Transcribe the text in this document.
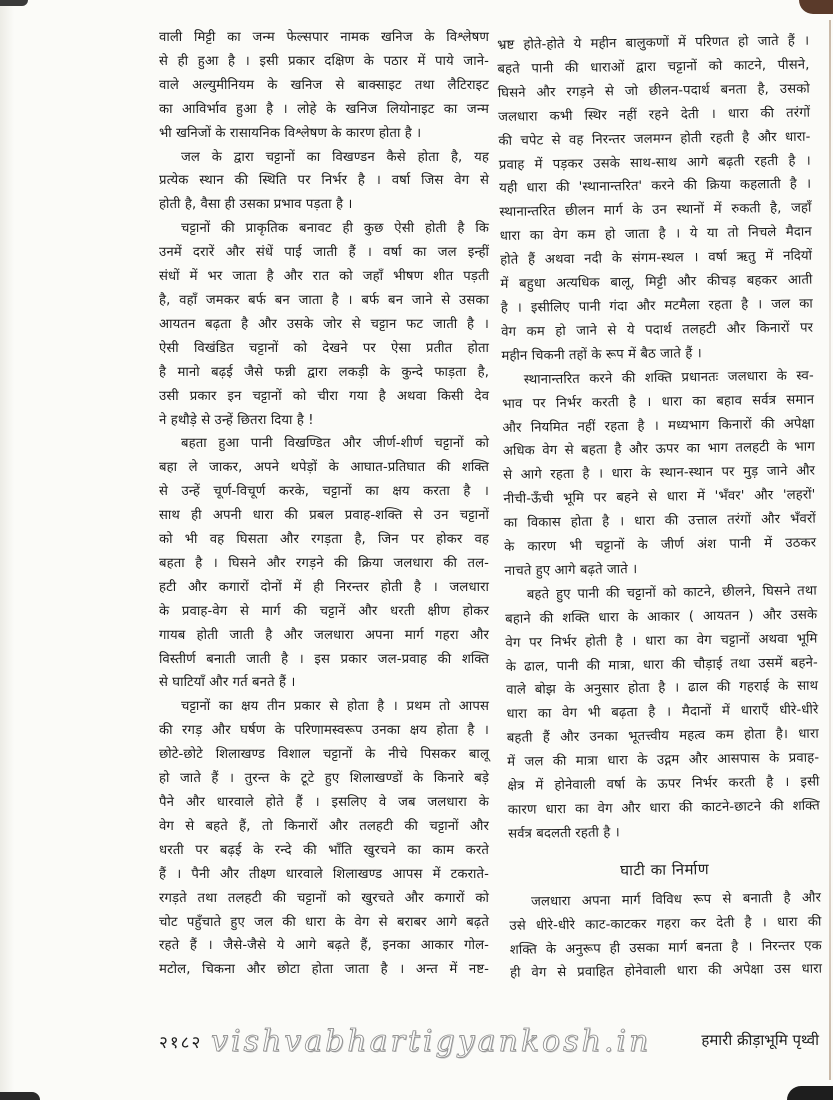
वाली मिट्टी का जन्म फेल्सपार नामक खनिज के विश्लेषण
से ही हुआ है । इसी प्रकार दक्षिण के पठार में पाये जाने-
वाले अल्युमीनियम के खनिज से बाक्साइट तथा लैटिराइट
का आविर्भाव हुआ है । लोहे के खनिज लियोनाइट का जन्म
भी खनिजों के रासायनिक विश्लेषण के कारण होता है ।
जल के द्वारा चट्टानों का विखण्डन कैसे होता है, यह
प्रत्येक स्थान की स्थिति पर निर्भर है । वर्षा जिस वेग से
होती है, वैसा ही उसका प्रभाव पड़ता है ।
चट्टानों की प्राकृतिक बनावट ही कुछ ऐसी होती है कि
उनमें दरारें और संधें पाई जाती हैं । वर्षा का जल इन्हीं
संधों में भर जाता है और रात को जहाँ भीषण शीत पड़ती
है, वहाँ जमकर बर्फ बन जाता है । बर्फ बन जाने से उसका
आयतन बढ़ता है और उसके जोर से चट्टान फट जाती है ।
ऐसी विखंडित चट्टानों को देखने पर ऐसा प्रतीत होता
है मानो बढ़ई जैसे फन्नी द्वारा लकड़ी के कुन्दे फाड़ता है,
उसी प्रकार इन चट्टानों को चीरा गया है अथवा किसी देव
ने हथौड़े से उन्हें छितरा दिया है !
बहता हुआ पानी विखण्डित और जीर्ण-शीर्ण चट्टानों को
बहा ले जाकर, अपने थपेड़ों के आघात-प्रतिघात की शक्ति
से उन्हें चूर्ण-विचूर्ण करके, चट्टानों का क्षय करता है ।
साथ ही अपनी धारा की प्रबल प्रवाह-शक्ति से उन चट्टानों
को भी वह घिसता और रगड़ता है, जिन पर होकर वह
बहता है । घिसने और रगड़ने की क्रिया जलधारा की तल-
हटी और कगारों दोनों में ही निरन्तर होती है । जलधारा
के प्रवाह-वेग से मार्ग की चट्टानें और धरती क्षीण होकर
गायब होती जाती है और जलधारा अपना मार्ग गहरा और
विस्तीर्ण बनाती जाती है । इस प्रकार जल-प्रवाह की शक्ति
से घाटियाँ और गर्त बनते हैं ।
चट्टानों का क्षय तीन प्रकार से होता है । प्रथम तो आपस
की रगड़ और घर्षण के परिणामस्वरूप उनका क्षय होता है ।
छोटे-छोटे शिलाखण्ड विशाल चट्टानों के नीचे पिसकर बालू
हो जाते हैं । तुरन्त के टूटे हुए शिलाखण्डों के किनारे बड़े
पैने और धारवाले होते हैं । इसलिए वे जब जलधारा के
वेग से बहते हैं, तो किनारों और तलहटी की चट्टानों और
धरती पर बढ़ई के रन्दे की भाँति खुरचने का काम करते
हैं । पैनी और तीक्ष्ण धारवाले शिलाखण्ड आपस में टकराते-
रगड़ते तथा तलहटी की चट्टानों को खुरचते और कगारों को
चोट पहुँचाते हुए जल की धारा के वेग से बराबर आगे बढ़ते
रहते हैं । जैसे-जैसे ये आगे बढ़ते हैं, इनका आकार गोल-
मटोल, चिकना और छोटा होता जाता है । अन्त में नष्ट-
भ्रष्ट होते-होते ये महीन बालुकणों में परिणत हो जाते हैं ।
बहते पानी की धाराओं द्वारा चट्टानों को काटने, पीसने,
घिसने और रगड़ने से जो छीलन-पदार्थ बनता है, उसको
जलधारा कभी स्थिर नहीं रहने देती । धारा की तरंगों
की चपेट से वह निरन्तर जलमग्न होती रहती है और धारा-
प्रवाह में पड़कर उसके साथ-साथ आगे बढ़ती रहती है ।
यही धारा की 'स्थानान्तरित' करने की क्रिया कहलाती है ।
स्थानान्तरित छीलन मार्ग के उन स्थानों में रुकती है, जहाँ
धारा का वेग कम हो जाता है । ये या तो निचले मैदान
होते हैं अथवा नदी के संगम-स्थल । वर्षा ऋतु में नदियों
में बहुधा अत्यधिक बालू, मिट्टी और कीचड़ बहकर आती
है । इसीलिए पानी गंदा और मटमैला रहता है । जल का
वेग कम हो जाने से ये पदार्थ तलहटी और किनारों पर
महीन चिकनी तहों के रूप में बैठ जाते हैं ।
स्थानान्तरित करने की शक्ति प्रधानतः जलधारा के स्व-
भाव पर निर्भर करती है । धारा का बहाव सर्वत्र समान
और नियमित नहीं रहता है । मध्यभाग किनारों की अपेक्षा
अधिक वेग से बहता है और ऊपर का भाग तलहटी के भाग
से आगे रहता है । धारा के स्थान-स्थान पर मुड़ जाने और
नीची-ऊँची भूमि पर बहने से धारा में 'भँवर' और 'लहरों'
का विकास होता है । धारा की उत्ताल तरंगों और भँवरों
के कारण भी चट्टानों के जीर्ण अंश पानी में उठकर
नाचते हुए आगे बढ़ते जाते ।
बहते हुए पानी की चट्टानों को काटने, छीलने, घिसने तथा
बहाने की शक्ति धारा के आकार ( आयतन ) और उसके
वेग पर निर्भर होती है । धारा का वेग चट्टानों अथवा भूमि
के ढाल, पानी की मात्रा, धारा की चौड़ाई तथा उसमें बहने-
वाले बोझ के अनुसार होता है । ढाल की गहराई के साथ
धारा का वेग भी बढ़ता है । मैदानों में धाराएँ धीरे-धीरे
बहती हैं और उनका भूतत्त्वीय महत्व कम होता है। धारा
में जल की मात्रा धारा के उद्गम और आसपास के प्रवाह-
क्षेत्र में होनेवाली वर्षा के ऊपर निर्भर करती है । इसी
कारण धारा का वेग और धारा की काटने-छाटने की शक्ति
सर्वत्र बदलती रहती है ।
घाटी का निर्माण
जलधारा अपना मार्ग विविध रूप से बनाती है और
उसे धीरे-धीरे काट-काटकर गहरा कर देती है । धारा की
शक्ति के अनुरूप ही उसका मार्ग बनता है । निरन्तर एक
ही वेग से प्रवाहित होनेवाली धारा की अपेक्षा उस धारा
२१८२ vishvabhartigyankosh.in	हमारी क्रीड़ाभूमि पृथ्वी
